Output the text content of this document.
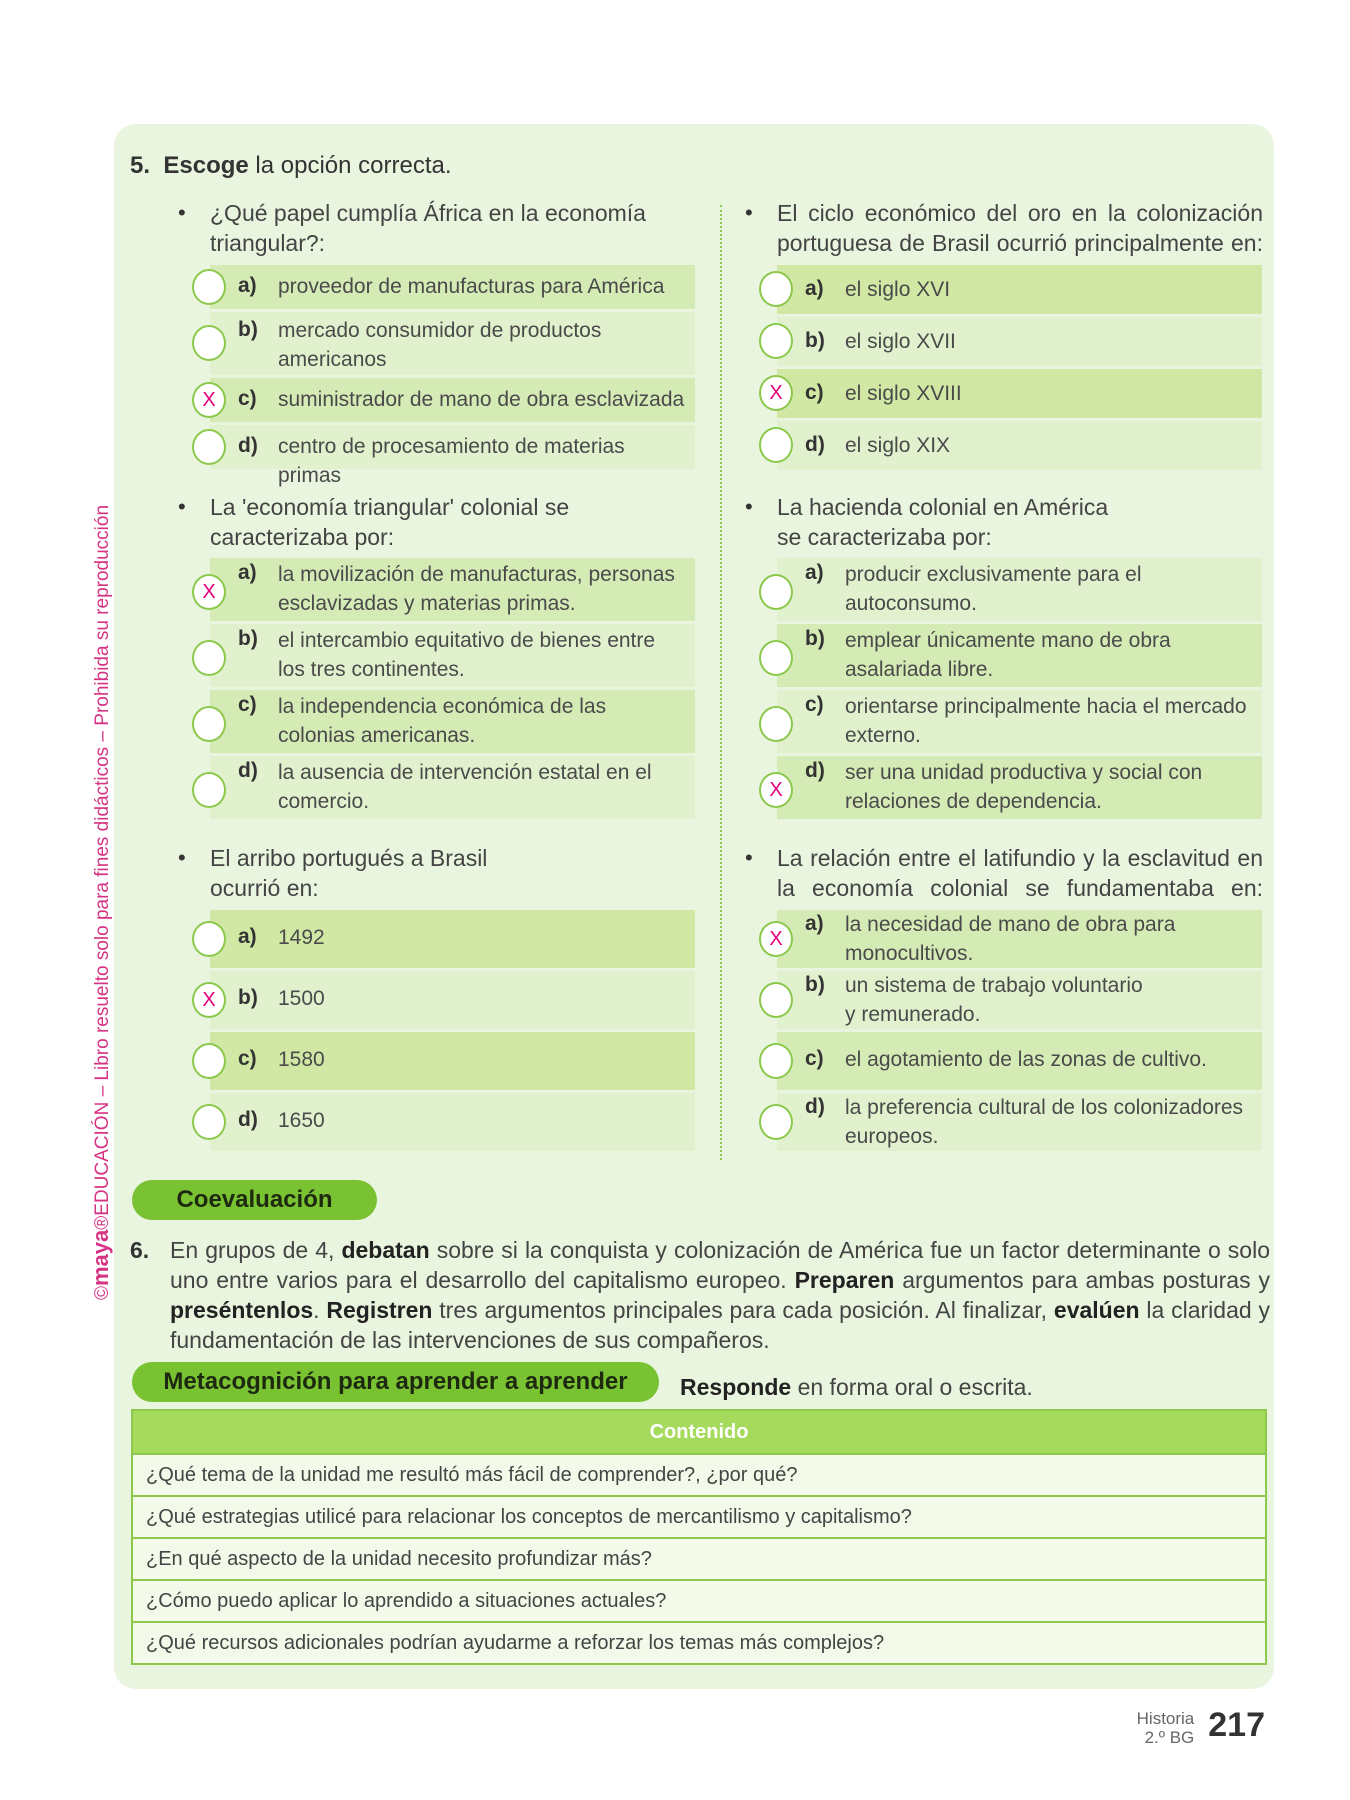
©maya®EDUCACIÓN – Libro resuelto solo para fines didácticos – Prohibida su reproducción
5. Escoge la opción correcta.
• ¿Qué papel cumplía África en la economía triangular?:
a) proveedor de manufacturas para América
b) mercado consumidor de productos americanos
X	c) suministrador de mano de obra esclavizada
d) centro de procesamiento de materias primas
• La 'economía triangular' colonial se caracterizaba por:
X
a) la movilización de manufacturas, personas esclavizadas y materias primas.
b) el intercambio equitativo de bienes entre los tres continentes.
c) la independencia económica de las colonias americanas.
d) la ausencia de intervención estatal en el comercio.
• El arribo portugués a Brasil ocurrió en:
a) 1492
X	b) 1500
c) 1580
d) 1650
• El ciclo económico del oro en la colonización portuguesa de Brasil ocurrió principalmente en:
a) el siglo XVI
b) el siglo XVII
X	c) el siglo XVIII
d) el siglo XIX
• La hacienda colonial en América se caracterizaba por:
a) producir exclusivamente para el autoconsumo.
b) emplear únicamente mano de obra asalariada libre.
c) orientarse principalmente hacia el mercado externo.
X
d) ser una unidad productiva y social con relaciones de dependencia.
• La relación entre el latifundio y la esclavitud en la economía colonial se fundamentaba en:
X
a) la necesidad de mano de obra para monocultivos.
b) un sistema de trabajo voluntario y remunerado.
c) el agotamiento de las zonas de cultivo.
d) la preferencia cultural de los colonizadores europeos.
Coevaluación
6. En grupos de 4, debatan sobre si la conquista y colonización de América fue un factor determinante o solo uno entre varios para el desarrollo del capitalismo europeo. Preparen argumentos para ambas posturas y preséntenlos. Registren tres argumentos principales para cada posición. Al finalizar, evalúen la claridad y fundamentación de las intervenciones de sus compañeros.
Metacognición para aprender a aprender Responde en forma oral o escrita.
Contenido
¿Qué tema de la unidad me resultó más fácil de comprender?, ¿por qué?
¿Qué estrategias utilicé para relacionar los conceptos de mercantilismo y capitalismo?
¿En qué aspecto de la unidad necesito profundizar más?
¿Cómo puedo aplicar lo aprendido a situaciones actuales?
¿Qué recursos adicionales podrían ayudarme a reforzar los temas más complejos?
Historia
2.º BG 217
